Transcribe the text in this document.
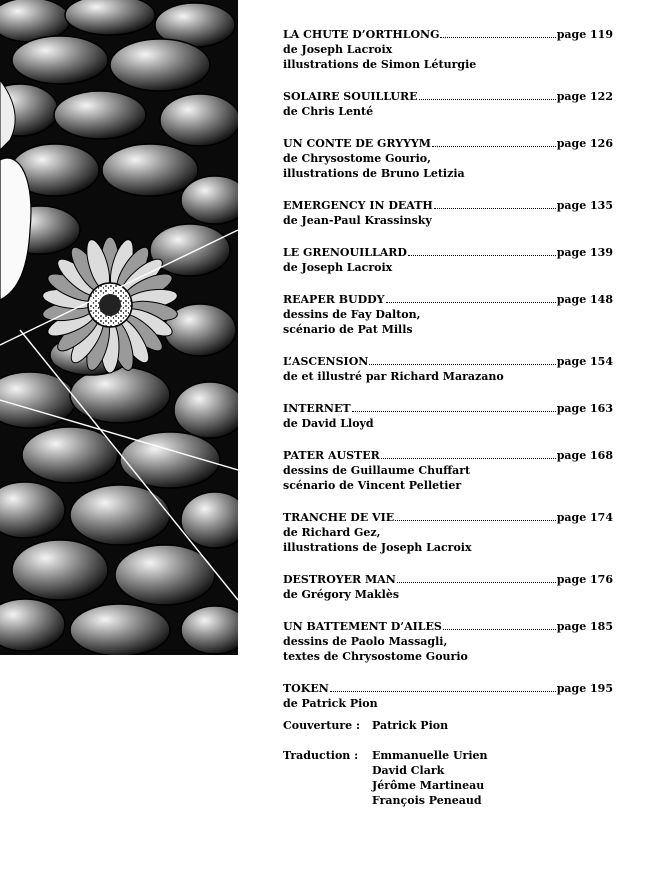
LA CHUTE D’ORTHLONG	page 119
de Joseph Lacroix
illustrations de Simon Léturgie
SOLAIRE SOUILLURE	page 122
de Chris Lenté
UN CONTE DE GRYYYM	page 126
de Chrysostome Gourio,
illustrations de Bruno Letizia
EMERGENCY IN DEATH	page 135
de Jean-Paul Krassinsky
LE GRENOUILLARD	page 139
de Joseph Lacroix
REAPER BUDDY	page 148
dessins de Fay Dalton,
scénario de Pat Mills
L’ASCENSION	page 154
de et illustré par Richard Marazano
INTERNET	page 163
de David Lloyd
PATER AUSTER	page 168
dessins de Guillaume Chuffart
scénario de Vincent Pelletier
TRANCHE DE VIE	page 174
de Richard Gez,
illustrations de Joseph Lacroix
DESTROYER MAN	page 176
de Grégory Maklès
UN BATTEMENT D’AILES	page 185
dessins de Paolo Massagli,
textes de Chrysostome Gourio
TOKEN	page 195
de Patrick Pion
Couverture :	Patrick Pion
Traduction :	Emmanuelle Urien
David Clark
Jérôme Martineau
François Peneaud
